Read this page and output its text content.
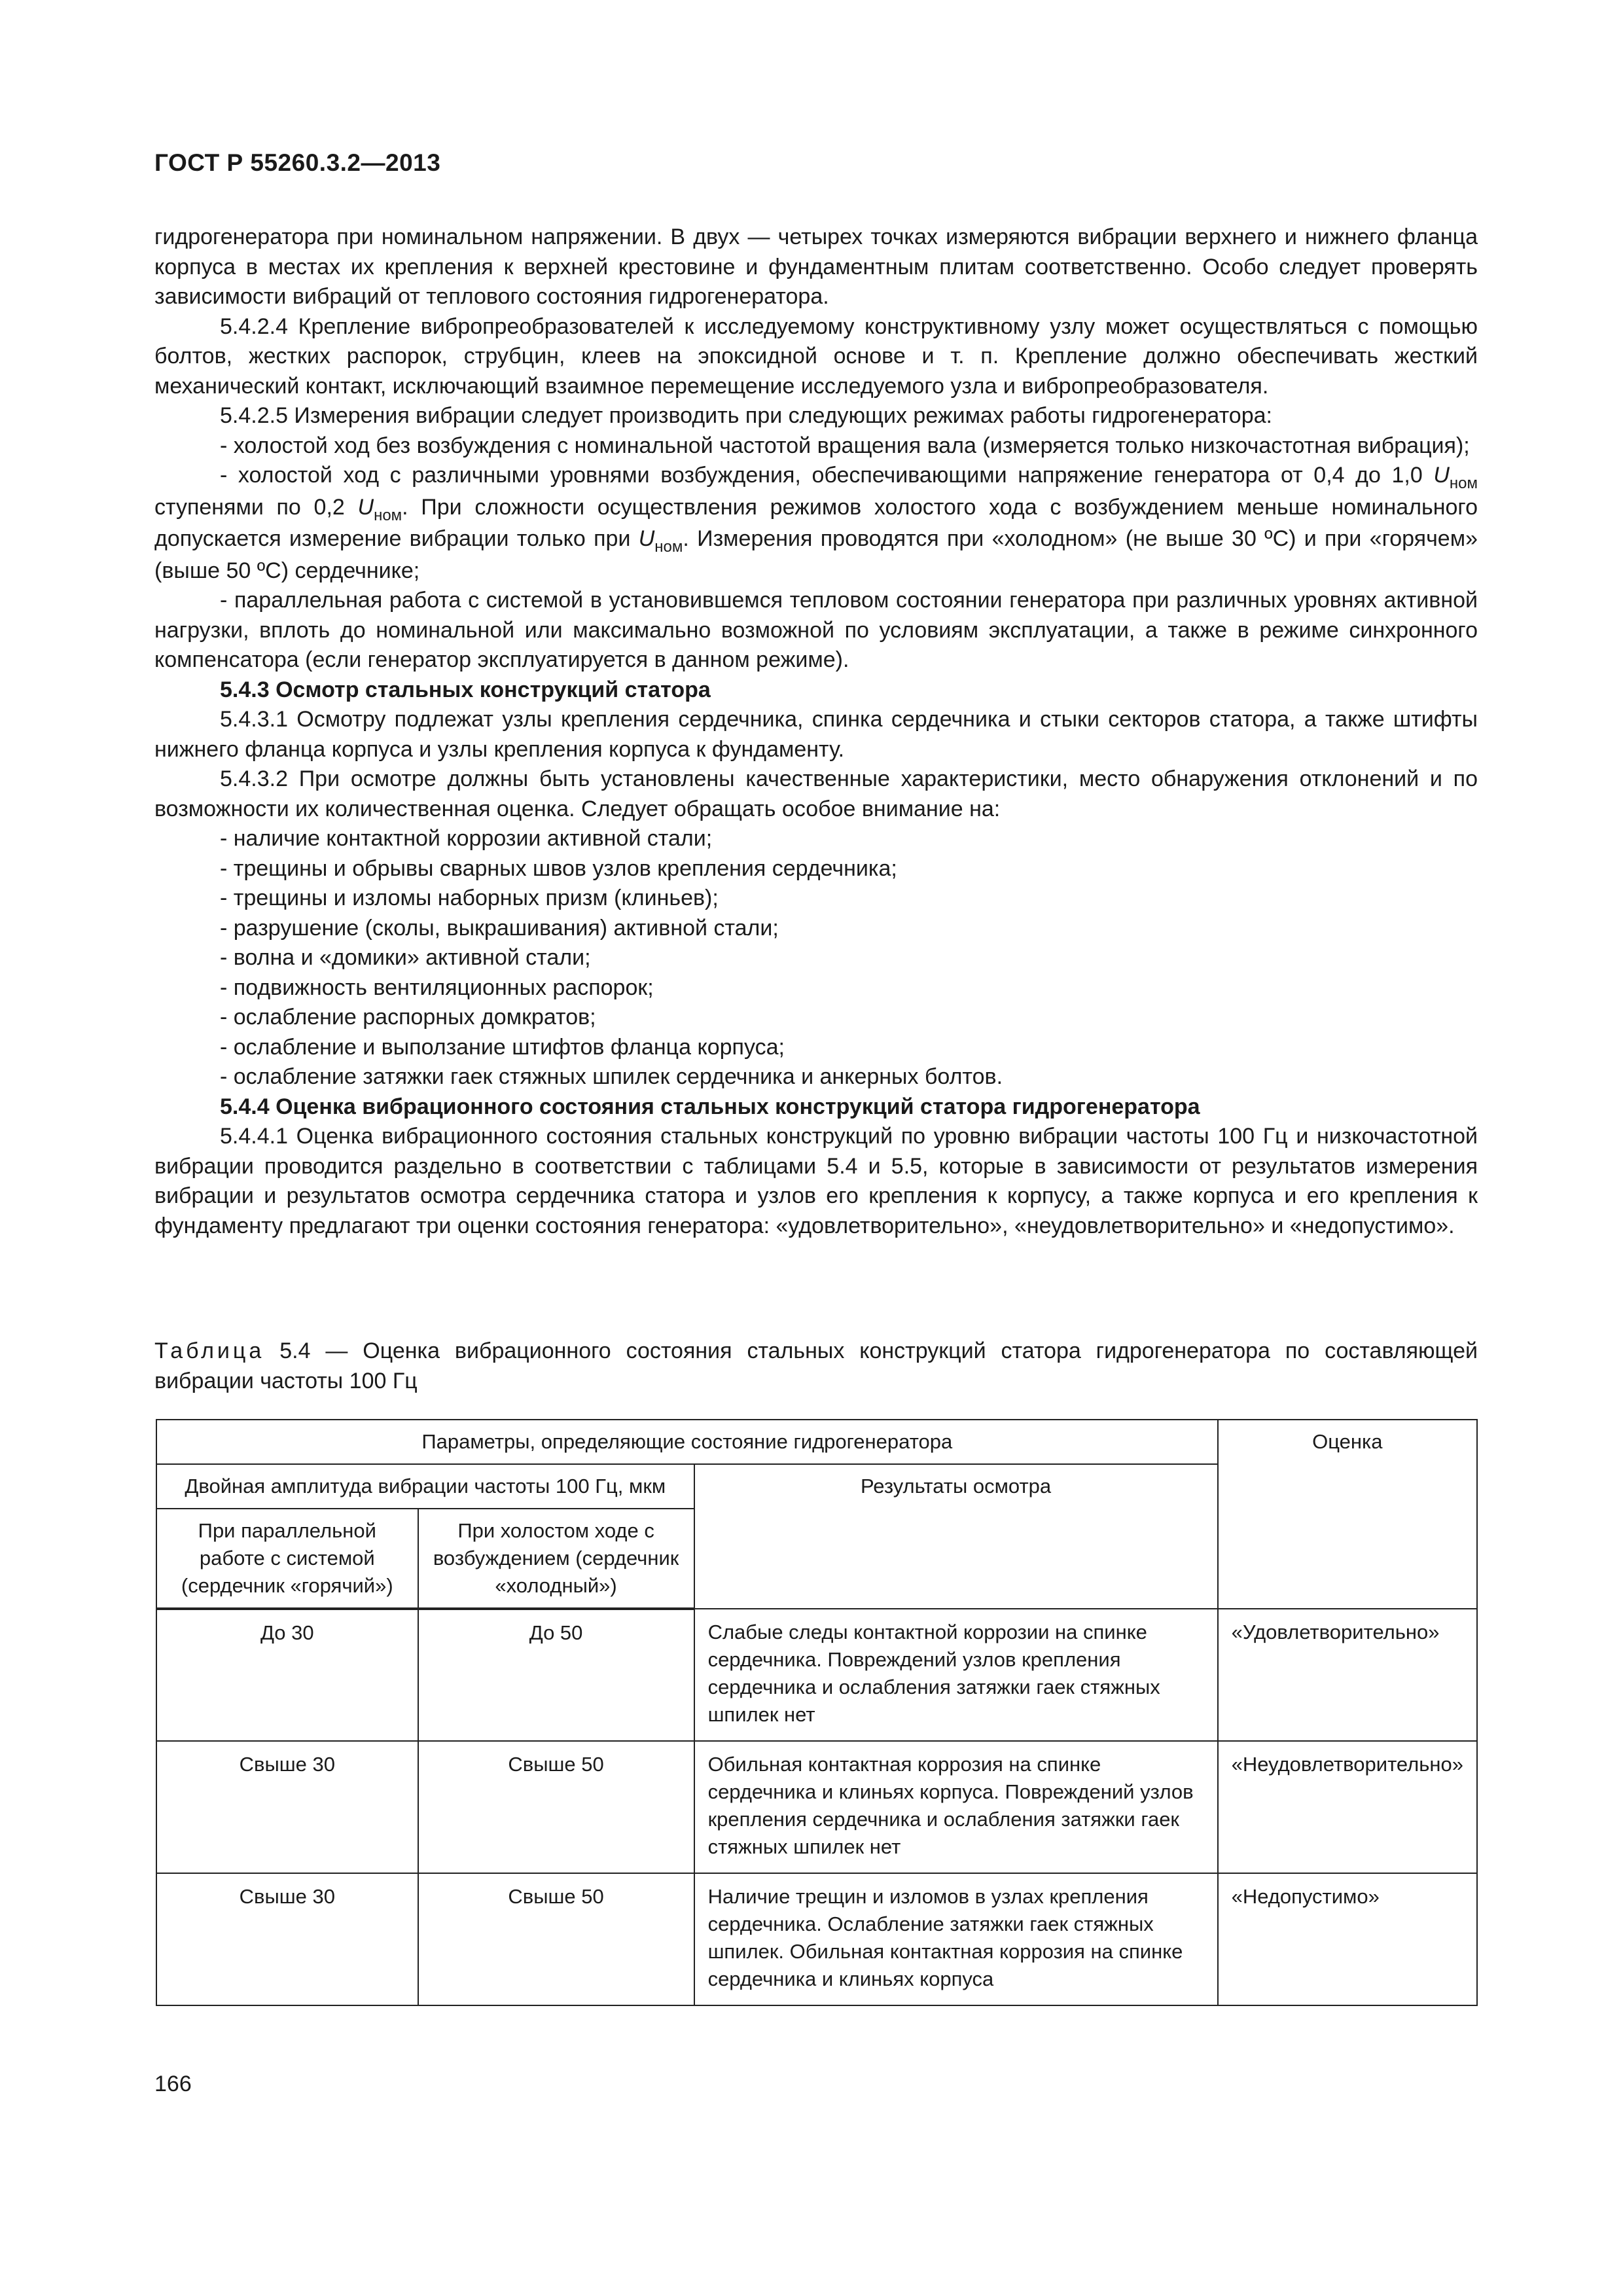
ГОСТ Р 55260.3.2—2013

гидрогенератора при номинальном напряжении. В двух — четырех точках измеряются вибрации верхнего и нижнего фланца корпуса в местах их крепления к верхней крестовине и фундаментным плитам соответственно. Особо следует проверять зависимости вибраций от теплового состояния гидрогенератора.

5.4.2.4 Крепление вибропреобразователей к исследуемому конструктивному узлу может осуществляться с помощью болтов, жестких распорок, струбцин, клеев на эпоксидной основе и т. п. Крепление должно обеспечивать жесткий механический контакт, исключающий взаимное перемещение исследуемого узла и вибропреобразователя.

5.4.2.5 Измерения вибрации следует производить при следующих режимах работы гидрогенератора:

- холостой ход без возбуждения с номинальной частотой вращения вала (измеряется только низкочастотная вибрация);

- холостой ход с различными уровнями возбуждения, обеспечивающими напряжение генератора от 0,4 до 1,0 $U_{ном}$ ступенями по 0,2 $U_{ном}$. При сложности осуществления режимов холостого хода с возбуждением меньше номинального допускается измерение вибрации только при $U_{ном}$. Измерения проводятся при «холодном» (не выше 30 ºС) и при «горячем» (выше 50 ºС) сердечнике;

- параллельная работа с системой в установившемся тепловом состоянии генератора при различных уровнях активной нагрузки, вплоть до номинальной или максимально возможной по условиям эксплуатации, а также в режиме синхронного компенсатора (если генератор эксплуатируется в данном режиме).

5.4.3 Осмотр стальных конструкций статора

5.4.3.1 Осмотру подлежат узлы крепления сердечника, спинка сердечника и стыки секторов статора, а также штифты нижнего фланца корпуса и узлы крепления корпуса к фундаменту.

5.4.3.2 При осмотре должны быть установлены качественные характеристики, место обнаружения отклонений и по возможности их количественная оценка. Следует обращать особое внимание на:

- наличие контактной коррозии активной стали;

- трещины и обрывы сварных швов узлов крепления сердечника;

- трещины и изломы наборных призм (клиньев);

- разрушение (сколы, выкрашивания) активной стали;

- волна и «домики» активной стали;

- подвижность вентиляционных распорок;

- ослабление распорных домкратов;

- ослабление и выползание штифтов фланца корпуса;

- ослабление затяжки гаек стяжных шпилек сердечника и анкерных болтов.

5.4.4 Оценка вибрационного состояния стальных конструкций статора гидрогенератора

5.4.4.1 Оценка вибрационного состояния стальных конструкций по уровню вибрации частоты 100 Гц и низкочастотной вибрации проводится раздельно в соответствии с таблицами 5.4 и 5.5, которые в зависимости от результатов измерения вибрации и результатов осмотра сердечника статора и узлов его крепления к корпусу, а также корпуса и его крепления к фундаменту предлагают три оценки состояния генератора: «удовлетворительно», «неудовлетворительно» и «недопустимо».

Таблица 5.4 — Оценка вибрационного состояния стальных конструкций статора гидрогенератора по составляющей вибрации частоты 100 Гц
Параметры, определяющие состояние гидрогенератора			Оценка
Двойная амплитуда вибрации частоты 100 Гц, мкм		Результаты осмотра	
При параллельной работе с системой (сердечник «горячий»)	При холостом ходе с возбуждением (сердечник «холодный»)		
До 30	До 50	Слабые следы контактной коррозии на спинке сердечника. Повреждений узлов крепления сердечника и ослабления затяжки гаек стяжных шпилек нет	«Удовлетворительно»
Свыше 30	Свыше 50	Обильная контактная коррозия на спинке сердечника и клиньях корпуса. Повреждений узлов крепления сердечника и ослабления затяжки гаек стяжных шпилек нет	«Неудовлетворительно»
Свыше 30	Свыше 50	Наличие трещин и изломов в узлах крепления сердечника. Ослабление затяжки гаек стяжных шпилек. Обильная контактная коррозия на спинке сердечника и клиньях корпуса	«Недопустимо»
166
